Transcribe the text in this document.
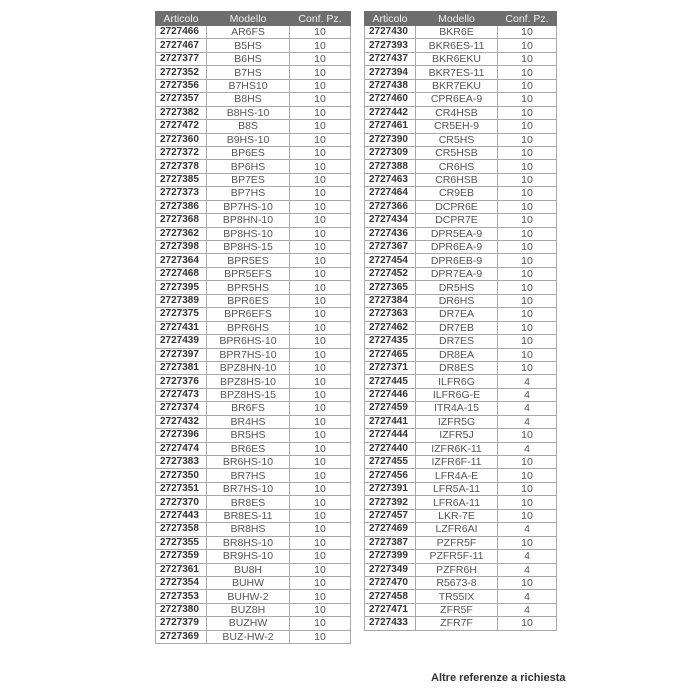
Articolo	Modello	Conf. Pz.
2727466	AR6FS	10
2727467	B5HS	10
2727377	B6HS	10
2727352	B7HS	10
2727356	B7HS10	10
2727357	B8HS	10
2727382	B8HS-10	10
2727472	B8S	10
2727360	B9HS-10	10
2727372	BP6ES	10
2727378	BP6HS	10
2727385	BP7ES	10
2727373	BP7HS	10
2727386	BP7HS-10	10
2727368	BP8HN-10	10
2727362	BP8HS-10	10
2727398	BP8HS-15	10
2727364	BPR5ES	10
2727468	BPR5EFS	10
2727395	BPR5HS	10
2727389	BPR6ES	10
2727375	BPR6EFS	10
2727431	BPR6HS	10
2727439	BPR6HS-10	10
2727397	BPR7HS-10	10
2727381	BPZ8HN-10	10
2727376	BPZ8HS-10	10
2727473	BPZ8HS-15	10
2727374	BR6FS	10
2727432	BR4HS	10
2727396	BR5HS	10
2727474	BR6ES	10
2727383	BR6HS-10	10
2727350	BR7HS	10
2727351	BR7HS-10	10
2727370	BR8ES	10
2727443	BR8ES-11	10
2727358	BR8HS	10
2727355	BR8HS-10	10
2727359	BR9HS-10	10
2727361	BU8H	10
2727354	BUHW	10
2727353	BUHW-2	10
2727380	BUZ8H	10
2727379	BUZHW	10
2727369	BUZ-HW-2	10
Articolo	Modello	Conf. Pz.
2727430	BKR6E	10
2727393	BKR6ES-11	10
2727437	BKR6EKU	10
2727394	BKR7ES-11	10
2727438	BKR7EKU	10
2727460	CPR6EA-9	10
2727442	CR4HSB	10
2727461	CR5EH-9	10
2727390	CR5HS	10
2727309	CR5HSB	10
2727388	CR6HS	10
2727463	CR6HSB	10
2727464	CR9EB	10
2727366	DCPR6E	10
2727434	DCPR7E	10
2727436	DPR5EA-9	10
2727367	DPR6EA-9	10
2727454	DPR6EB-9	10
2727452	DPR7EA-9	10
2727365	DR5HS	10
2727384	DR6HS	10
2727363	DR7EA	10
2727462	DR7EB	10
2727435	DR7ES	10
2727465	DR8EA	10
2727371	DR8ES	10
2727445	ILFR6G	4
2727446	ILFR6G-E	4
2727459	ITR4A-15	4
2727441	IZFR5G	4
2727444	IZFR5J	10
2727440	IZFR6K-11	4
2727455	IZFR6F-11	10
2727456	LFR4A-E	10
2727391	LFR5A-11	10
2727392	LFR6A-11	10
2727457	LKR-7E	10
2727469	LZFR6AI	4
2727387	PZFR5F	10
2727399	PZFR5F-11	4
2727349	PZFR6H	4
2727470	R5673-8	10
2727458	TR55IX	4
2727471	ZFR5F	4
2727433	ZFR7F	10
Altre referenze a richiesta
